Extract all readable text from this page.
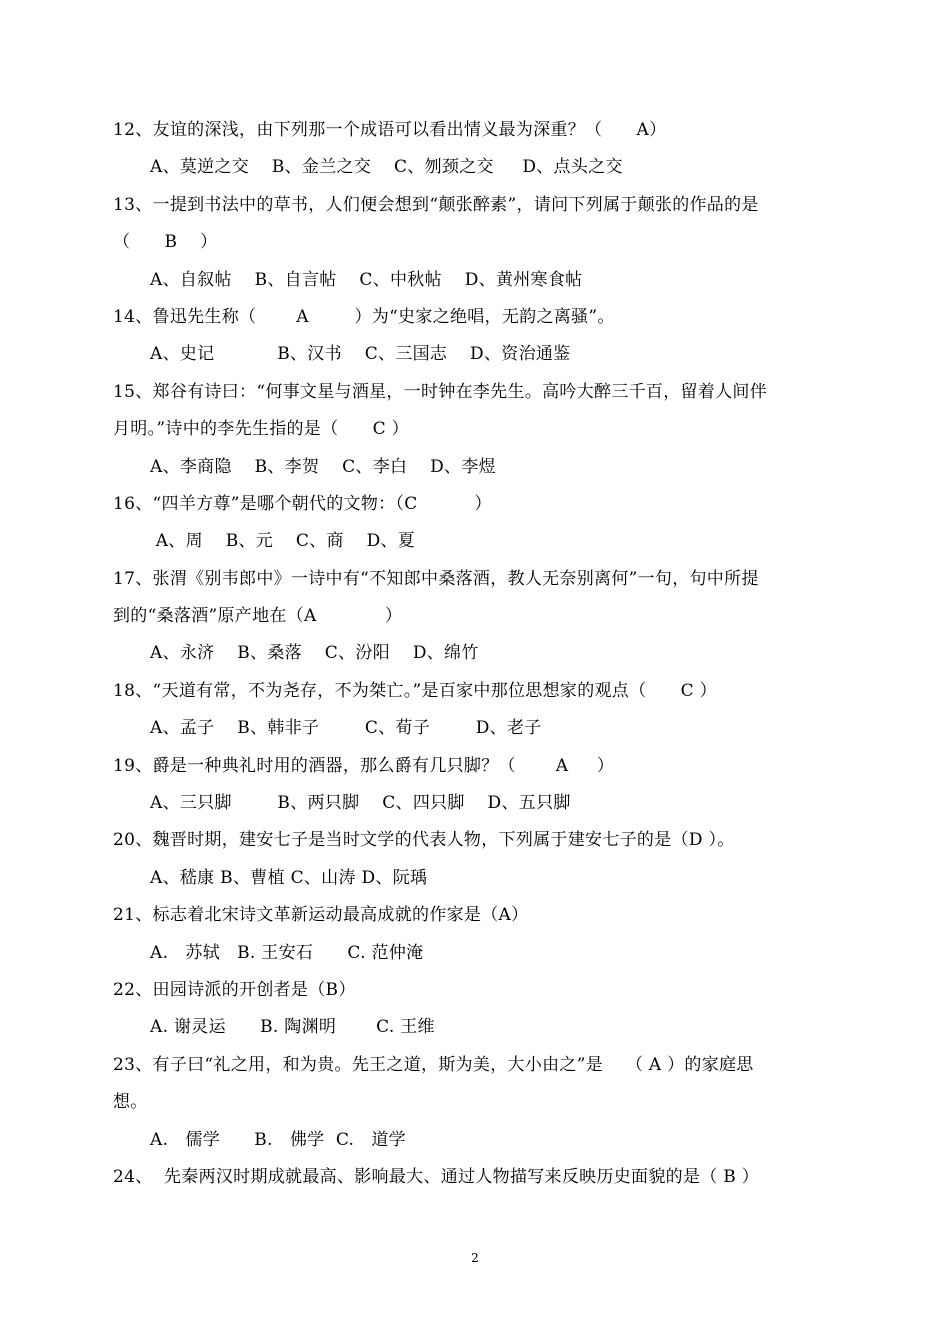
12、友谊的深浅，由下列那一个成语可以看出情义最为深重？（      A）
A、莫逆之交    B、金兰之交    C、刎颈之交     D、点头之交
13、一提到书法中的草书，人们便会想到“颠张醉素”，请问下列属于颠张的作品的是
（      B    ）
A、自叙帖    B、自言帖    C、中秋帖    D、黄州寒食帖
14、鲁迅先生称（       A        ）为“史家之绝唱，无韵之离骚”。
A、史记           B、汉书    C、三国志    D、资治通鉴
15、郑谷有诗曰：“何事文星与酒星，一时钟在李先生。高吟大醉三千百，留着人间伴
月明。”诗中的李先生指的是（      C ）
A、李商隐    B、李贺    C、李白    D、李煜
16、“四羊方尊”是哪个朝代的文物：（C          ）
A、周    B、元    C、商    D、夏
17、张渭《别韦郎中》一诗中有“不知郎中桑落酒，教人无奈别离何”一句，句中所提
到的“桑落酒”原产地在（A            ）
A、永济    B、桑落    C、汾阳    D、绵竹
18、“天道有常，不为尧存，不为桀亡。”是百家中那位思想家的观点（      C ）
A、孟子    B、韩非子        C、荀子        D、老子
19、爵是一种典礼时用的酒器，那么爵有几只脚？（       A     ）
A、三只脚        B、两只脚    C、四只脚    D、五只脚
20、魏晋时期，建安七子是当时文学的代表人物，下列属于建安七子的是（D ）。
A、嵇康 B、曹植 C、山涛 D、阮瑀
21、标志着北宋诗文革新运动最高成就的作家是（A）
A.   苏轼   B. 王安石      C. 范仲淹
22、田园诗派的开创者是（B）
A. 谢灵运      B. 陶渊明       C. 王维
23、有子曰“礼之用，和为贵。先王之道，斯为美，大小由之”是    （ A ）的家庭思
想。
A.   儒学      B.   佛学  C.   道学
24、  先秦两汉时期成就最高、影响最大、通过人物描写来反映历史面貌的是（ B ）
2
